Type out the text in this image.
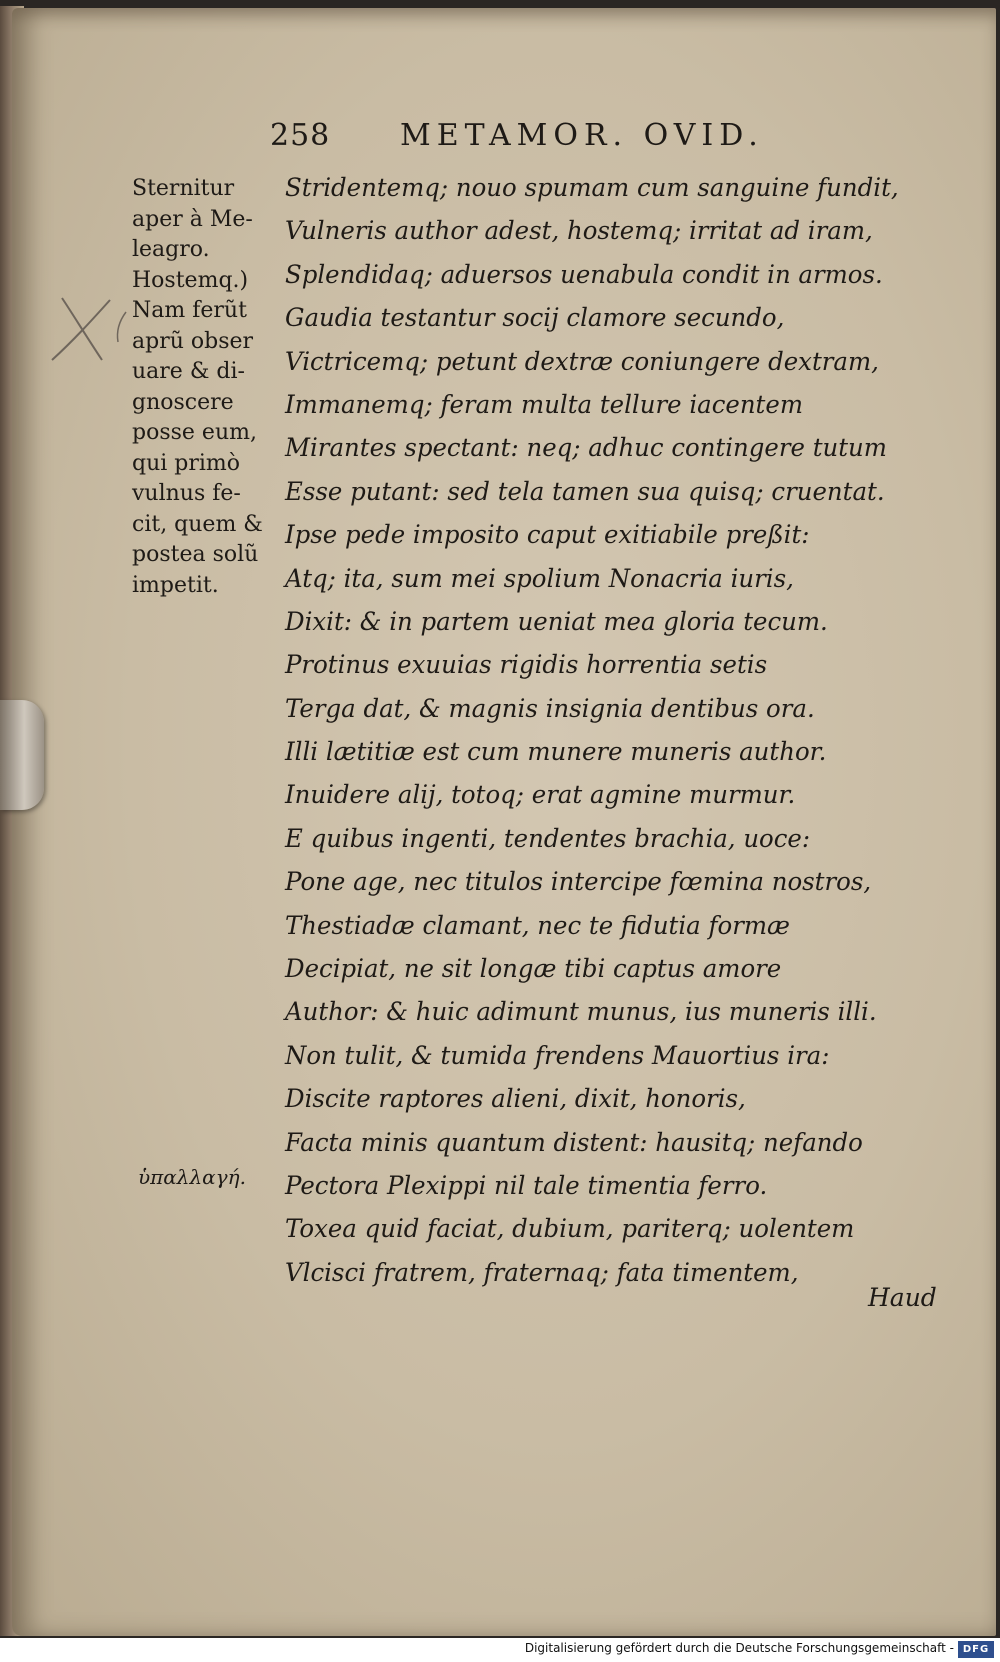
258	METAMOR. OVID.
Sternitur
aper à Me-
leagro.
Hostemq.)
Nam ferũt
aprũ obser
uare & di-
gnoscere
posse eum,
qui primò
vulnus fe-
cit, quem &
postea solũ
impetit.
Stridentemq; nouo spumam cum sanguine fundit,
Vulneris author adest, hostemq; irritat ad iram,
Splendidaq; aduersos uenabula condit in armos.
Gaudia testantur socij clamore secundo,
Victricemq; petunt dextræ coniungere dextram,
Immanemq; feram multa tellure iacentem
Mirantes spectant: neq; adhuc contingere tutum
Esse putant: sed tela tamen sua quisq; cruentat.
Ipse pede imposito caput exitiabile preßit:
Atq; ita, sum mei spolium Nonacria iuris,
Dixit: & in partem ueniat mea gloria tecum.
Protinus exuuias rigidis horrentia setis
Terga dat, & magnis insignia dentibus ora.
Illi lætitiæ est cum munere muneris author.
Inuidere alij, totoq; erat agmine murmur.
E quibus ingenti, tendentes brachia, uoce:
Pone age, nec titulos intercipe fœmina nostros,
Thestiadæ clamant, nec te fidutia formæ
Decipiat, ne sit longæ tibi captus amore
Author: & huic adimunt munus, ius muneris illi.
Non tulit, & tumida frendens Mauortius ira:
Discite raptores alieni, dixit, honoris,
Facta minis quantum distent: hausitq; nefando
Pectora Plexippi nil tale timentia ferro.
Toxea quid faciat, dubium, pariterq; uolentem
Vlcisci fratrem, fraternaq; fata timentem,
ὑπαλλαγή.
Haud
Digitalisierung gefördert durch die Deutsche Forschungsgemeinschaft - DFG
